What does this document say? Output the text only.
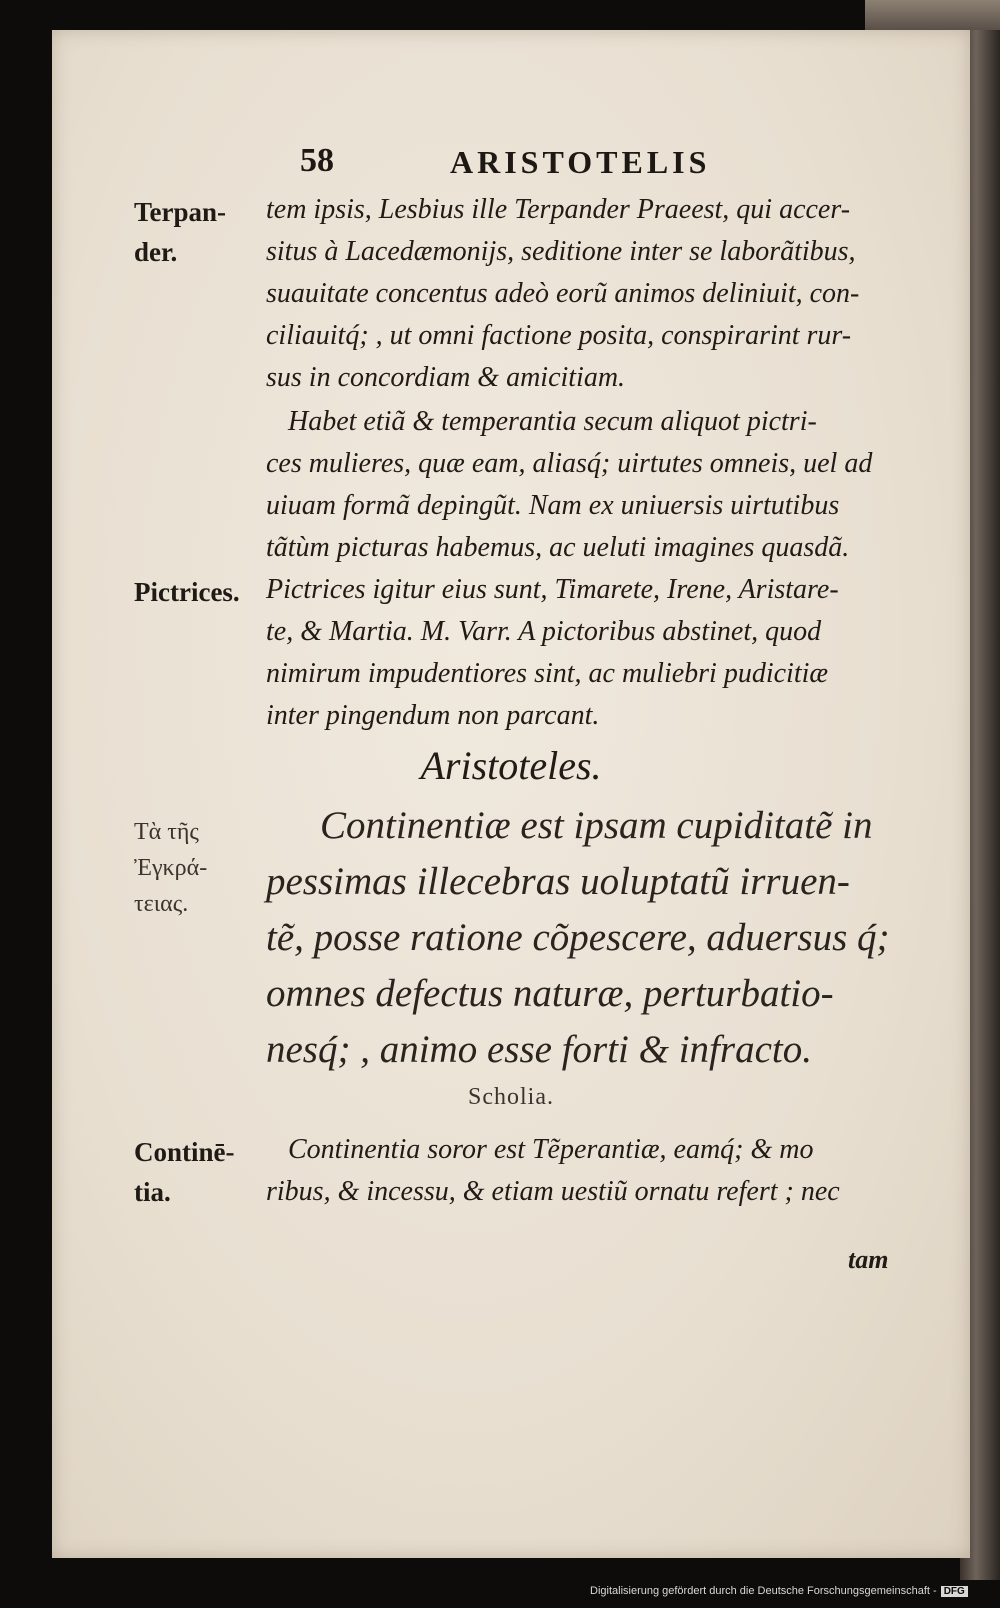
58	ARISTOTELIS
Terpan-
der.
Pictrices.
Τὰ τῆς
Ἐγκρά-
τειας.
Continē-
tia.
tem ipsis, Lesbius ille Terpander Praeest, qui accer-
situs à Lacedæmonijs, seditione inter se laborãtibus,
suauitate concentus adeò eorũ animos deliniuit, con-
ciliauitq́; , ut omni factione posita, conspirarint rur-
sus in concordiam & amicitiam.
Habet etiã & temperantia secum aliquot pictri-
ces mulieres, quæ eam, aliasq́; uirtutes omneis, uel ad
uiuam formã depingũt. Nam ex uniuersis uirtutibus
tãtùm picturas habemus, ac ueluti imagines quasdã.
Pictrices igitur eius sunt, Timarete, Irene, Aristare-
te, & Martia. M. Varr. A pictoribus abstinet, quod
nimirum impudentiores sint, ac muliebri pudicitiæ
inter pingendum non parcant.
Aristoteles.
Continentiæ est ipsam cupiditatẽ in
pessimas illecebras uoluptatũ irruen-
tẽ, posse ratione cõpescere, aduersus q́;
omnes defectus naturæ, perturbatio-
nesq́; , animo esse forti & infracto.
Scholia.
Continentia soror est Tẽperantiæ, eamq́; & mo
ribus, & incessu, & etiam uestiũ ornatu refert ; nec
tam
Digitalisierung gefördert durch die Deutsche Forschungsgemeinschaft - DFG
